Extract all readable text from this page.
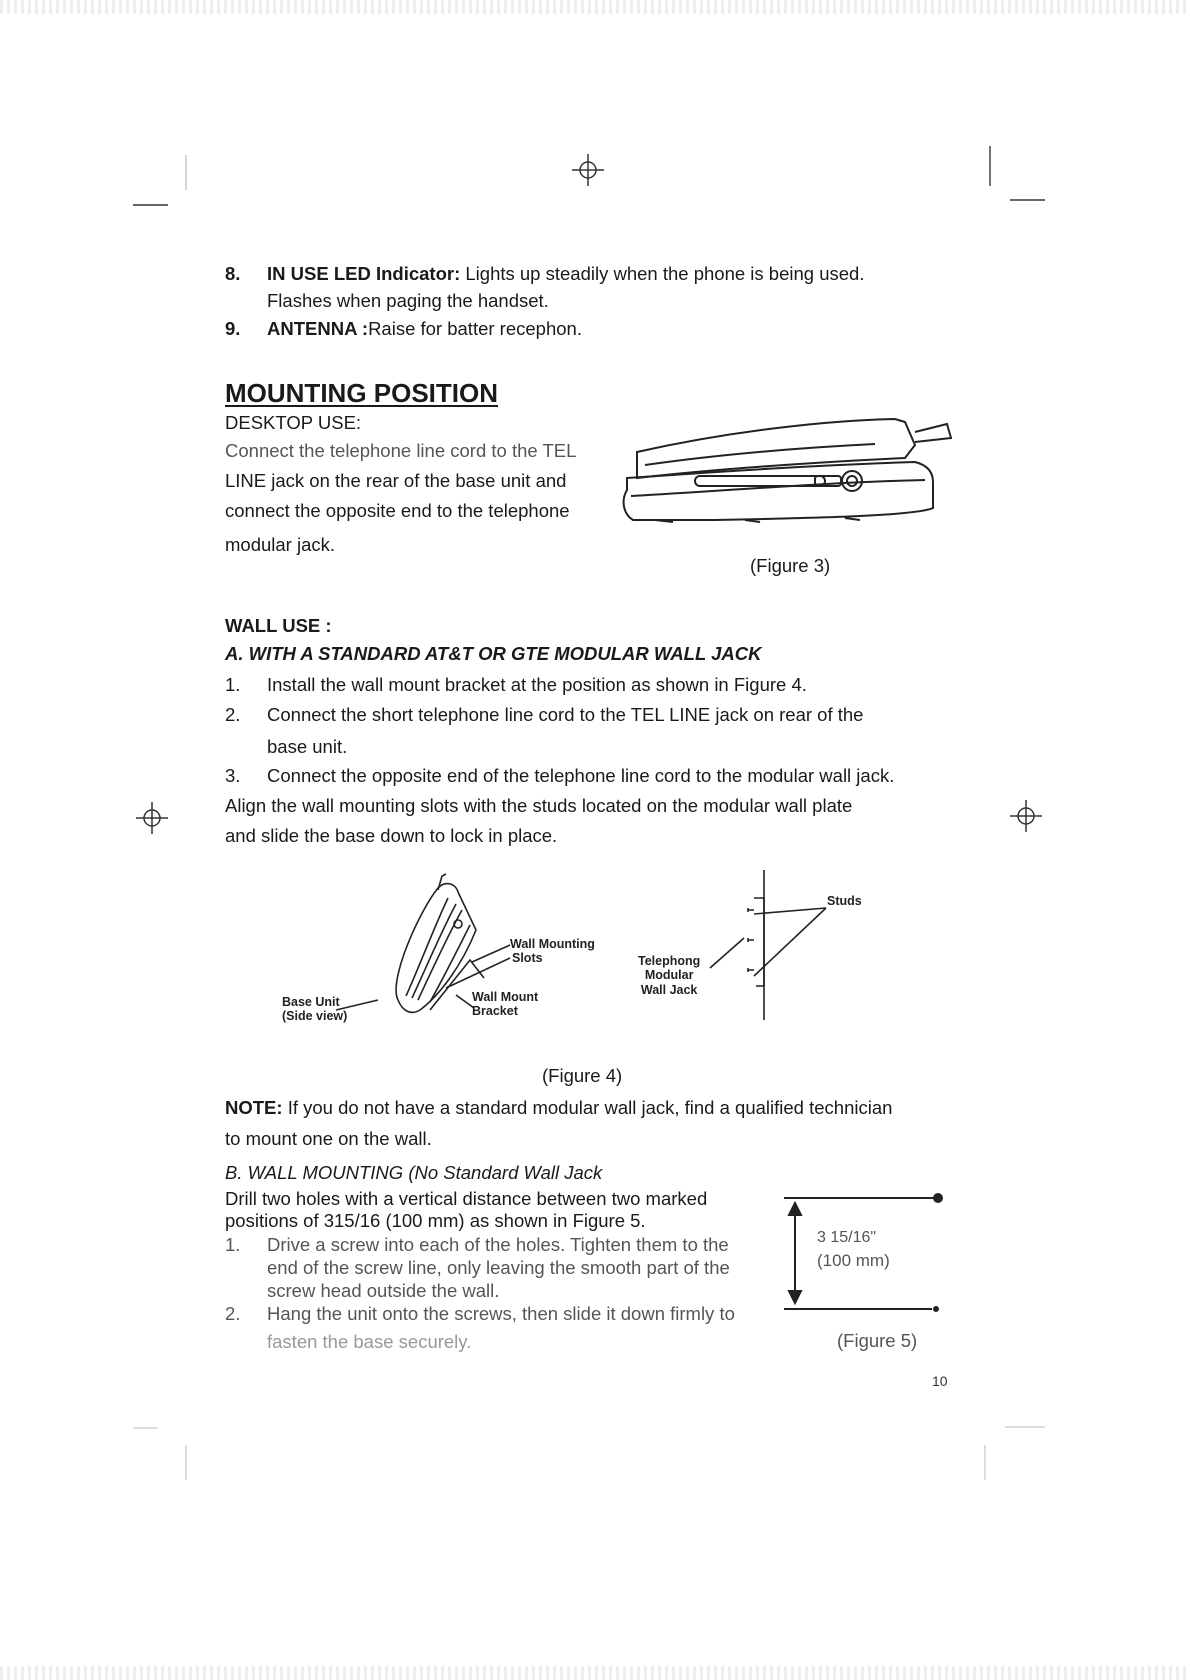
8. IN USE LED Indicator: Lights up steadily when the phone is being used.
Flashes when paging the handset.
9. ANTENNA :Raise for batter recephon.
MOUNTING POSITION
DESKTOP USE:
Connect the telephone line cord to the TEL
LINE jack on the rear of the base unit and
connect the opposite end to the telephone
modular jack.
(Figure 3)
WALL USE :
A. WITH A STANDARD AT&T OR GTE MODULAR WALL JACK
1. Install the wall mount bracket at the position as shown in Figure 4.
2. Connect the short telephone line cord to the TEL LINE jack on rear of the
base unit.
3. Connect the opposite end of the telephone line cord to the modular wall jack.
Align the wall mounting slots with the studs located on the modular wall plate
and slide the base down to lock in place.
Wall Mounting
Slots
Wall Mount
Bracket
Base Unit
(Side view)
Telephong
Modular
Wall Jack
Studs
(Figure 4)
NOTE: If you do not have a standard modular wall jack, find a qualified technician
to mount one on the wall.
B. WALL MOUNTING (No Standard Wall Jack
Drill two holes with a vertical distance between two marked
positions of 315/16 (100 mm) as shown in Figure 5.
1. Drive a screw into each of the holes. Tighten them to the
end of the screw line, only leaving the smooth part of the
screw head outside the wall.
2. Hang the unit onto the screws, then slide it down firmly to
fasten the base securely.
3 15/16"
(100 mm)
(Figure 5)
10
